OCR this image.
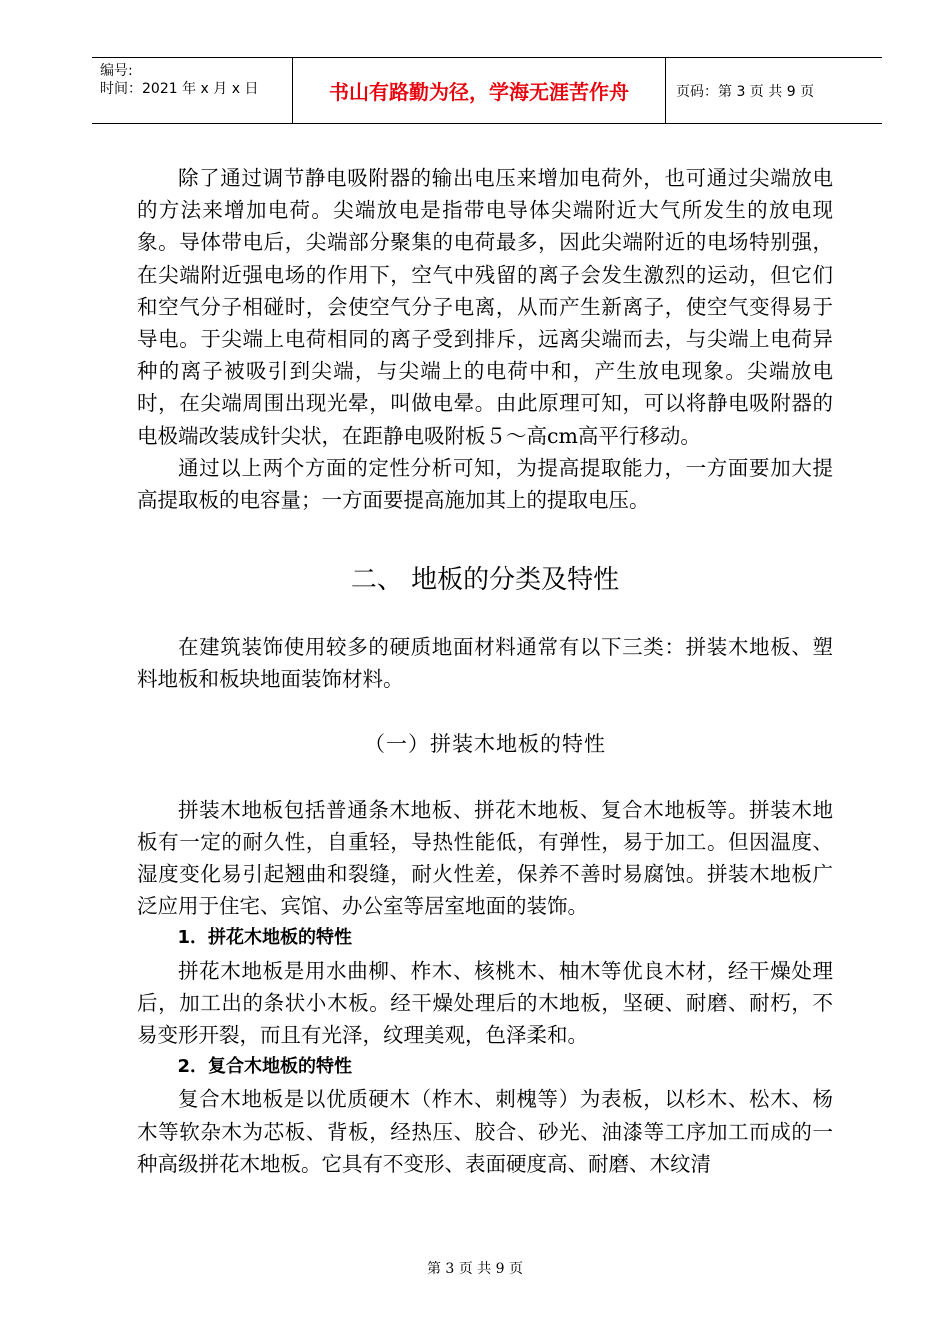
编号:
时间：2021 年 x 月 x 日	书山有路勤为径，学海无涯苦作舟	页码：第 3 页 共 9 页

除了通过调节静电吸附器的输出电压来增加电荷外，也可通过尖端放电的方法来增加电荷。尖端放电是指带电导体尖端附近大气所发生的放电现象。导体带电后，尖端部分聚集的电荷最多，因此尖端附近的电场特别强，在尖端附近强电场的作用下，空气中残留的离子会发生激烈的运动，但它们和空气分子相碰时，会使空气分子电离，从而产生新离子，使空气变得易于导电。于尖端上电荷相同的离子受到排斥，远离尖端而去，与尖端上电荷异种的离子被吸引到尖端，与尖端上的电荷中和，产生放电现象。尖端放电时，在尖端周围出现光晕，叫做电晕。由此原理可知，可以将静电吸附器的电极端改装成针尖状，在距静电吸附板５～高cm高平行移动。

通过以上两个方面的定性分析可知，为提高提取能力，一方面要加大提高提取板的电容量；一方面要提高施加其上的提取电压。

二、 地板的分类及特性

在建筑装饰使用较多的硬质地面材料通常有以下三类：拼装木地板、塑料地板和板块地面装饰材料。

（一）拼装木地板的特性

拼装木地板包括普通条木地板、拼花木地板、复合木地板等。拼装木地板有一定的耐久性，自重轻，导热性能低，有弹性，易于加工。但因温度、湿度变化易引起翘曲和裂缝，耐火性差，保养不善时易腐蚀。拼装木地板广泛应用于住宅、宾馆、办公室等居室地面的装饰。

1．拼花木地板的特性

拼花木地板是用水曲柳、柞木、核桃木、柚木等优良木材，经干燥处理后，加工出的条状小木板。经干燥处理后的木地板，坚硬、耐磨、耐朽，不易变形开裂，而且有光泽，纹理美观，色泽柔和。

2．复合木地板的特性

复合木地板是以优质硬木（柞木、刺槐等）为表板，以杉木、松木、杨木等软杂木为芯板、背板，经热压、胶合、砂光、油漆等工序加工而成的一种高级拼花木地板。它具有不变形、表面硬度高、耐磨、木纹清

第 3 页 共 9 页
